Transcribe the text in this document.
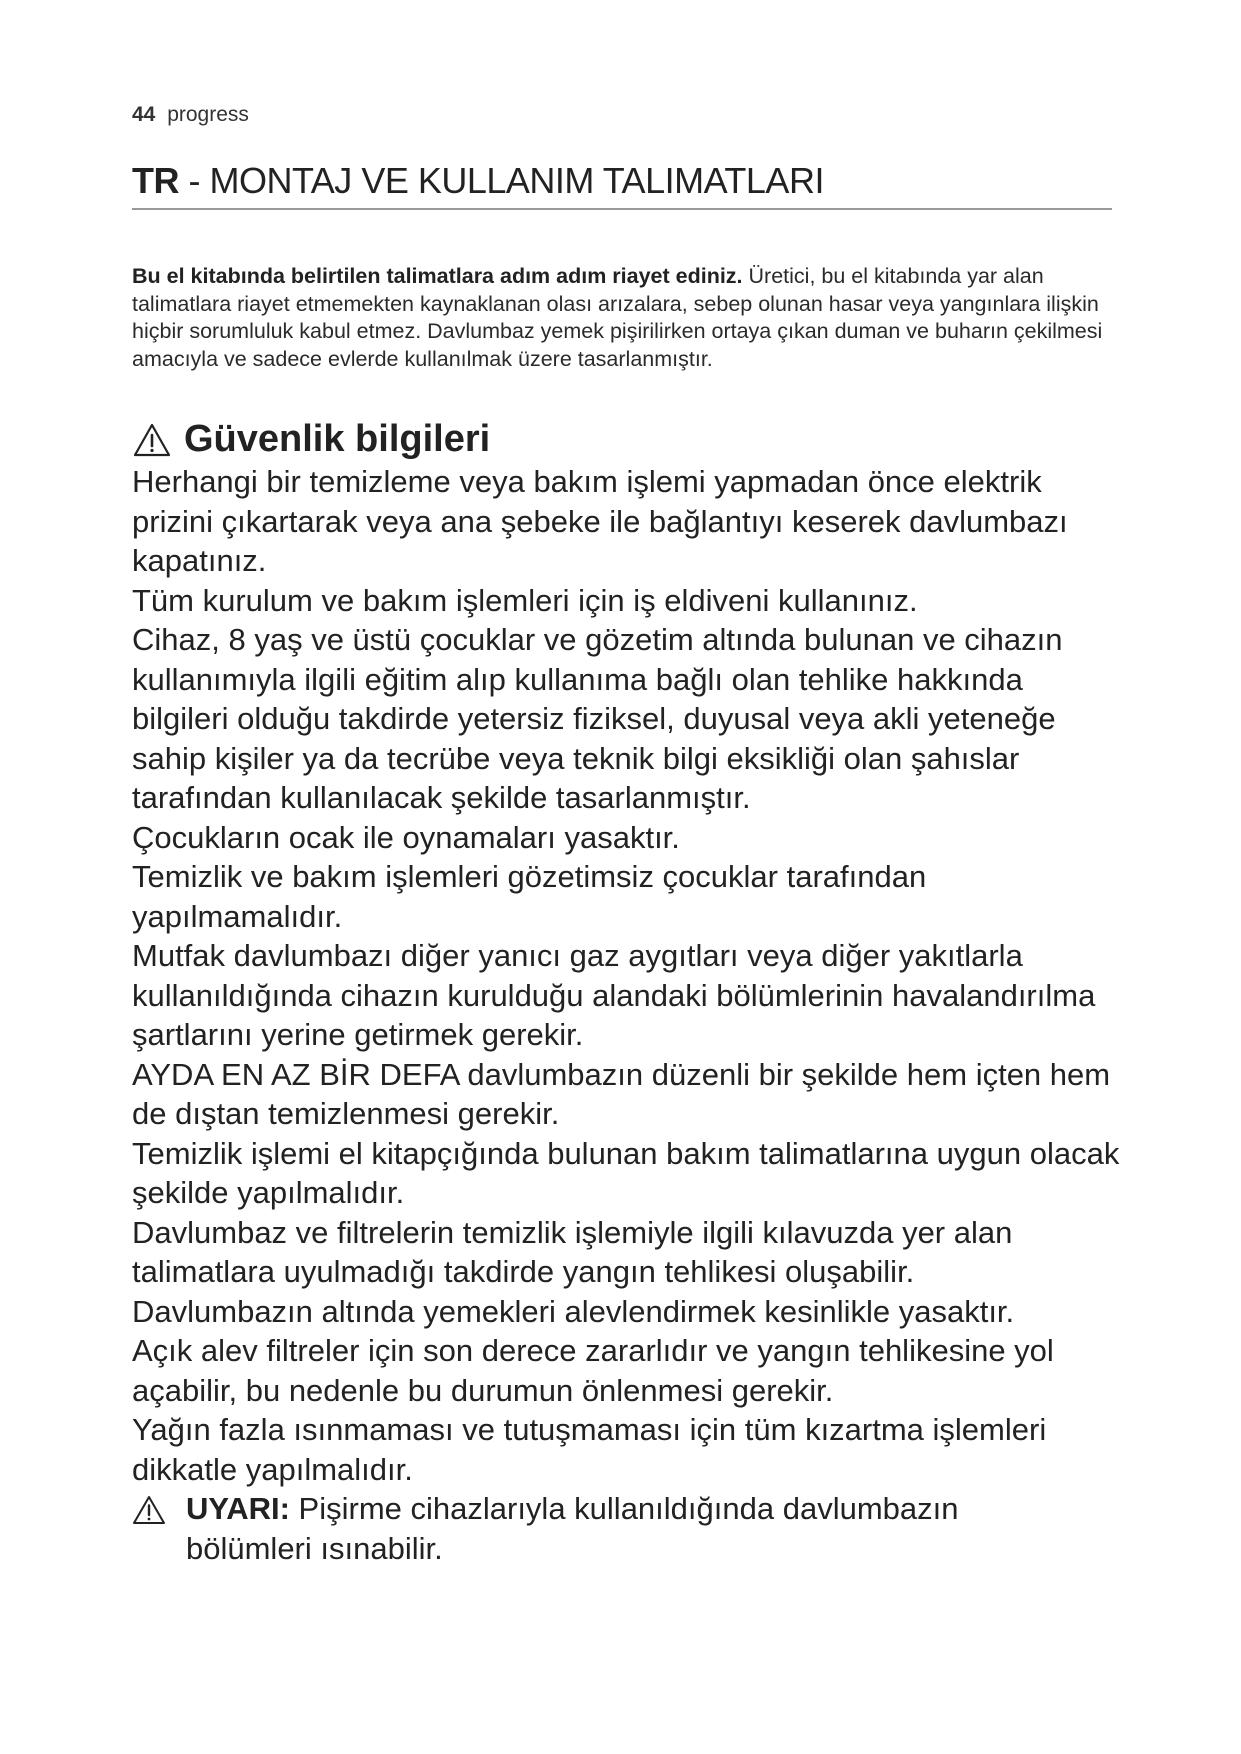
44 progress
TR - MONTAJ VE KULLANIM TALIMATLARI
Bu el kitabında belirtilen talimatlara adım adım riayet ediniz. Üretici, bu el kitabında yar alan talimatlara riayet etmemekten kaynaklanan olası arızalara, sebep olunan hasar veya yangınlara ilişkin hiçbir sorumluluk kabul etmez. Davlumbaz yemek pişirilirken ortaya çıkan duman ve buharın çekilmesi amacıyla ve sadece evlerde kullanılmak üzere tasarlanmıştır.
Güvenlik bilgileri

Herhangi bir temizleme veya bakım işlemi yapmadan önce elektrik prizini çıkartarak veya ana şebeke ile bağlantıyı keserek davlumbazı kapatınız.

Tüm kurulum ve bakım işlemleri için iş eldiveni kullanınız.

Cihaz, 8 yaş ve üstü çocuklar ve gözetim altında bulunan ve cihazın kullanımıyla ilgili eğitim alıp kullanıma bağlı olan tehlike hakkında bilgileri olduğu takdirde yetersiz fiziksel, duyusal veya akli yeteneğe sahip kişiler ya da tecrübe veya teknik bilgi eksikliği olan şahıslar tarafından kullanılacak şekilde tasarlanmıştır.

Çocukların ocak ile oynamaları yasaktır.

Temizlik ve bakım işlemleri gözetimsiz çocuklar tarafından yapılmamalıdır.

Mutfak davlumbazı diğer yanıcı gaz aygıtları veya diğer yakıtlarla kullanıldığında cihazın kurulduğu alandaki bölümlerinin havalandırılma şartlarını yerine getirmek gerekir.

AYDA EN AZ BİR DEFA davlumbazın düzenli bir şekilde hem içten hem de dıştan temizlenmesi gerekir.

Temizlik işlemi el kitapçığında bulunan bakım talimatlarına uygun olacak şekilde yapılmalıdır.

Davlumbaz ve filtrelerin temizlik işlemiyle ilgili kılavuzda yer alan talimatlara uyulmadığı takdirde yangın tehlikesi oluşabilir.

Davlumbazın altında yemekleri alevlendirmek kesinlikle yasaktır.

Açık alev filtreler için son derece zararlıdır ve yangın tehlikesine yol açabilir, bu nedenle bu durumun önlenmesi gerekir.

Yağın fazla ısınmaması ve tutuşmaması için tüm kızartma işlemleri dikkatle yapılmalıdır.

UYARI: Pişirme cihazlarıyla kullanıldığında davlumbazın bölümleri ısınabilir.
